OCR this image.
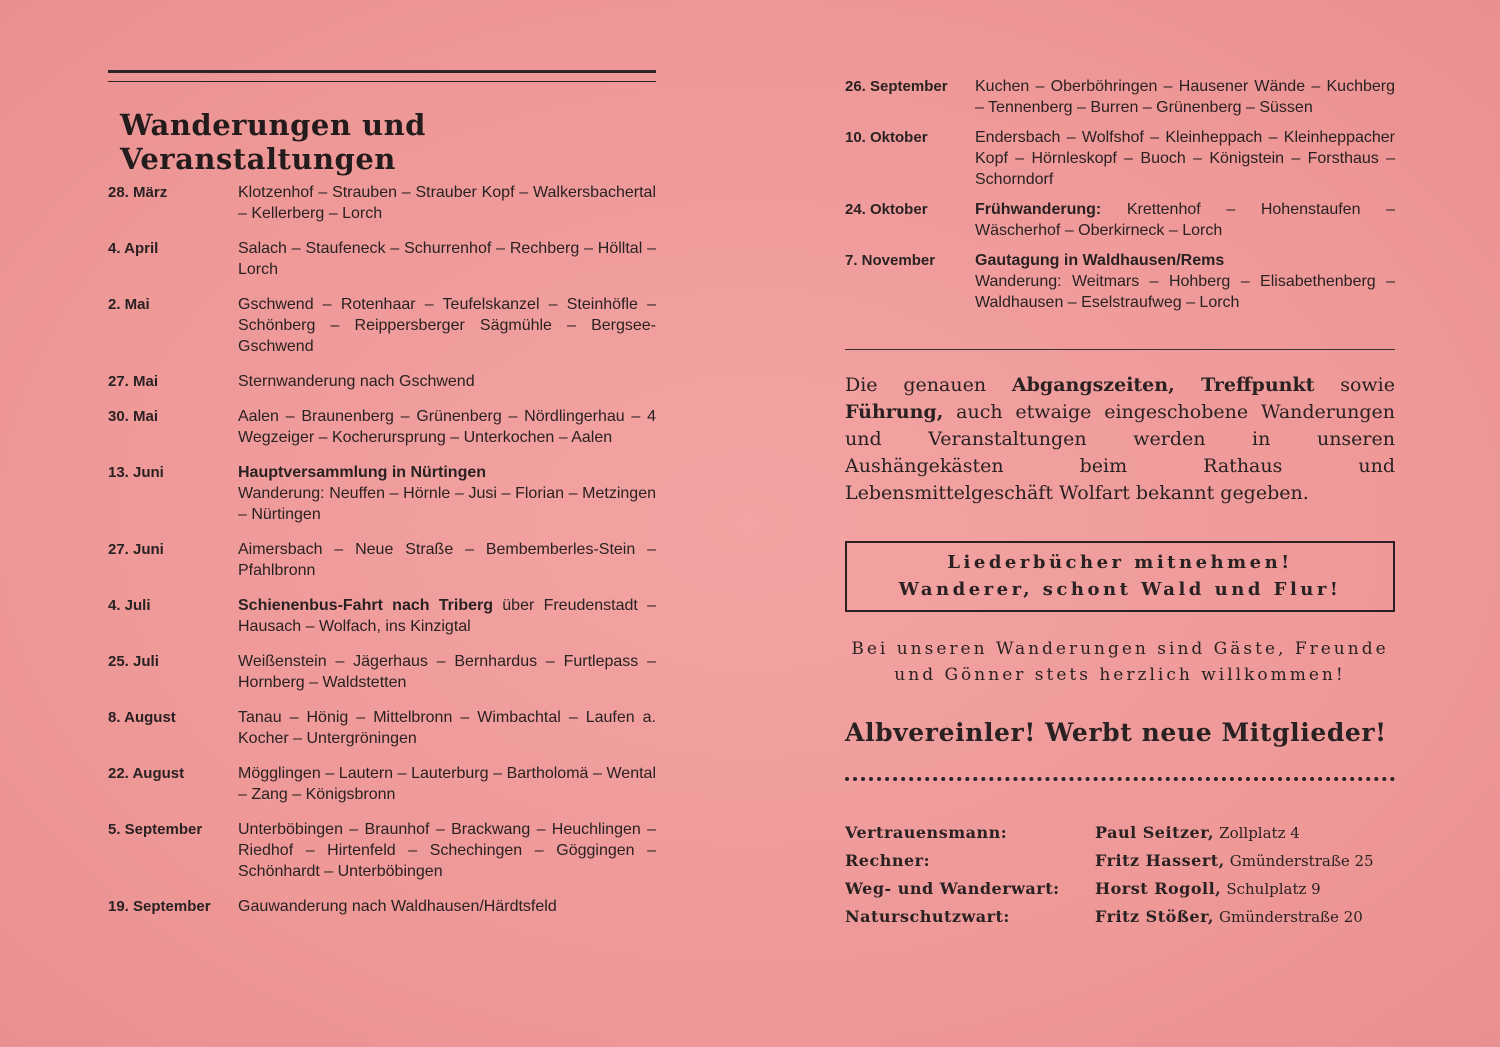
Wanderungen und Veranstaltungen
28. März	Klotzenhof – Strauben – Strauber Kopf – Walkersbachertal – Kellerberg – Lorch
4. April	Salach – Staufeneck – Schurrenhof – Rechberg – Hölltal – Lorch
2. Mai	Gschwend – Rotenhaar – Teufelskanzel – Steinhöfle – Schönberg – Reippersberger Sägmühle – Bergsee-Gschwend
27. Mai	Sternwanderung nach Gschwend
30. Mai	Aalen – Braunenberg – Grünenberg – Nördlingerhau – 4 Wegzeiger – Kocherursprung – Unterkochen – Aalen
13. Juni	Hauptversammlung in Nürtingen
Wanderung: Neuffen – Hörnle – Jusi – Florian – Metzingen – Nürtingen
27. Juni	Aimersbach – Neue Straße – Bembemberles-Stein – Pfahlbronn
4. Juli	Schienenbus-Fahrt nach Triberg über Freudenstadt – Hausach – Wolfach, ins Kinzigtal
25. Juli	Weißenstein – Jägerhaus – Bernhardus – Furtlepass – Hornberg – Waldstetten
8. August	Tanau – Hönig – Mittelbronn – Wimbachtal – Laufen a. Kocher – Untergröningen
22. August	Mögglingen – Lautern – Lauterburg – Bartholomä – Wental – Zang – Königsbronn
5. September	Unterböbingen – Braunhof – Brackwang – Heuchlingen – Riedhof – Hirtenfeld – Schechingen – Göggingen – Schönhardt – Unterböbingen
19. September	Gauwanderung nach Waldhausen/Härdtsfeld
26. September	Kuchen – Oberböhringen – Hausener Wände – Kuchberg – Tennenberg – Burren – Grünenberg – Süssen
10. Oktober	Endersbach – Wolfshof – Kleinheppach – Kleinheppacher Kopf – Hörnleskopf – Buoch – Königstein – Forsthaus – Schorndorf
24. Oktober	Frühwanderung: Krettenhof – Hohenstaufen – Wäscherhof – Oberkirneck – Lorch
7. November	Gautagung in Waldhausen/Rems
Wanderung: Weitmars – Hohberg – Elisabethenberg – Waldhausen – Eselstraufweg – Lorch
Die genauen Abgangszeiten, Treffpunkt sowie Führung, auch etwaige eingeschobene Wanderungen und Veranstaltungen werden in unseren Aushängekästen beim Rathaus und Lebensmittelgeschäft Wolfart bekannt gegeben.
Liederbücher mitnehmen!
Wanderer, schont Wald und Flur!
Bei unseren Wanderungen sind Gäste, Freunde
und Gönner stets herzlich willkommen!
Albvereinler! Werbt neue Mitglieder!
Vertrauensmann:	Paul Seitzer, Zollplatz 4
Rechner:	Fritz Hassert, Gmünderstraße 25
Weg- und Wanderwart:	Horst Rogoll, Schulplatz 9
Naturschutzwart:	Fritz Stößer, Gmünderstraße 20
